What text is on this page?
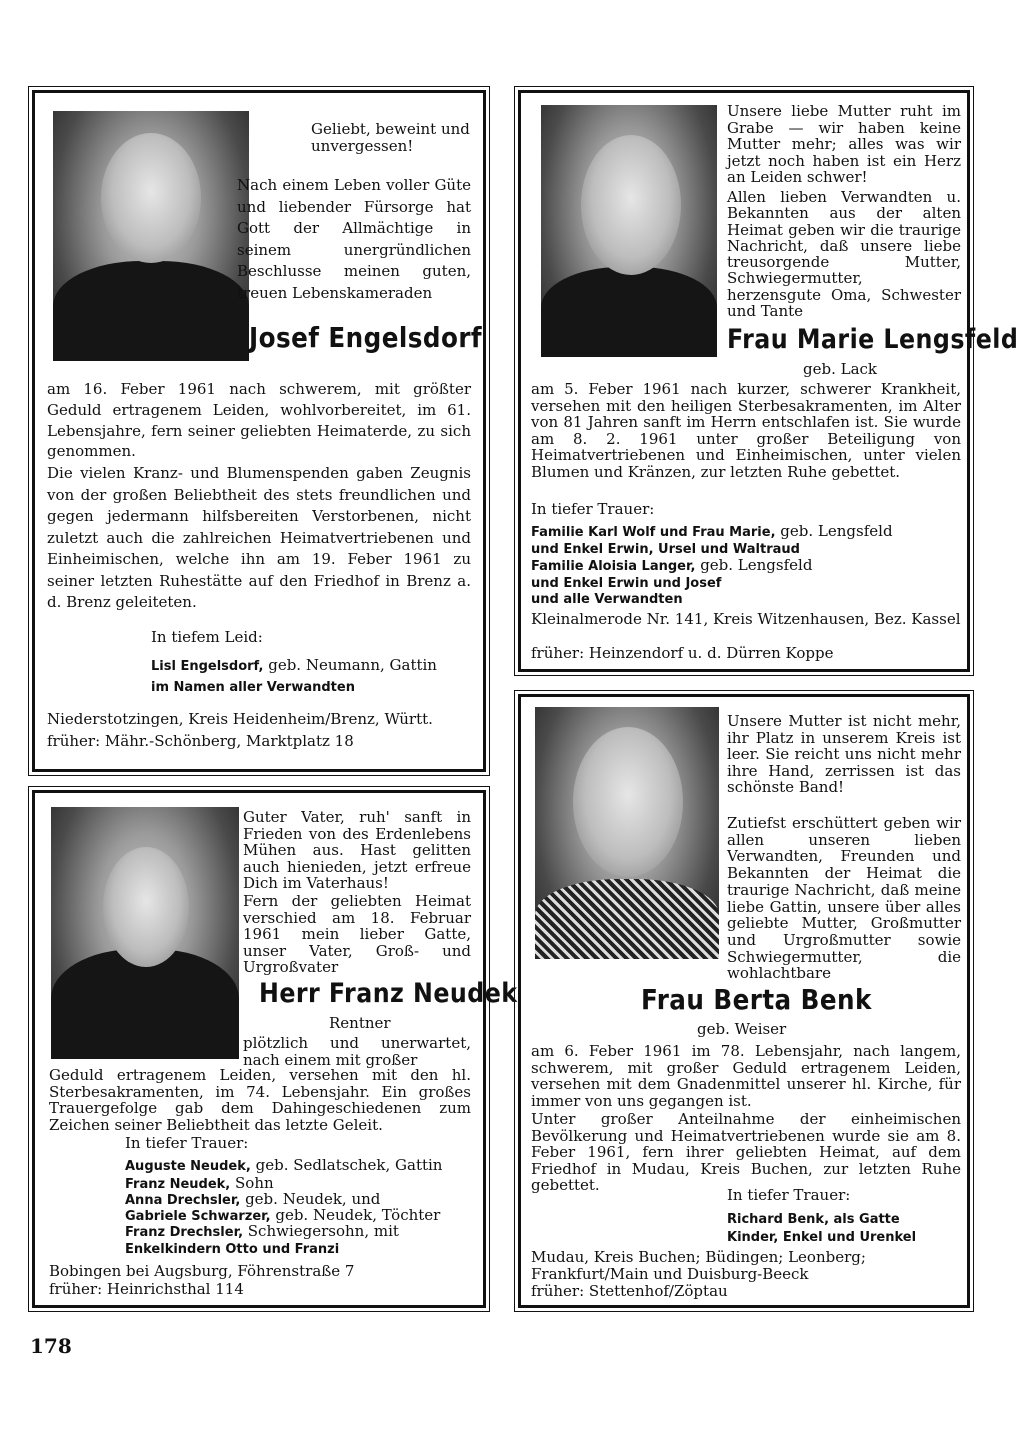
Geliebt, beweint und unvergessen!

Nach einem Leben voller Güte und liebender Fürsorge hat Gott der Allmächtige in seinem unergründlichen Beschlusse meinen guten, treuen Lebenskameraden

Josef Engelsdorf

am 16. Feber 1961 nach schwerem, mit größter Geduld ertragenem Leiden, wohlvorbereitet, im 61. Lebensjahre, fern seiner geliebten Heimaterde, zu sich genommen.

Die vielen Kranz- und Blumenspenden gaben Zeugnis von der großen Beliebtheit des stets freundlichen und gegen jedermann hilfsbereiten Verstorbenen, nicht zuletzt auch die zahlreichen Heimatvertriebenen und Einheimischen, welche ihn am 19. Feber 1961 zu seiner letzten Ruhestätte auf den Friedhof in Brenz a. d. Brenz geleiteten.

In tiefem Leid:

Lisl Engelsdorf, geb. Neumann, Gattin

im Namen aller Verwandten

Niederstotzingen, Kreis Heidenheim/Brenz, Württ.

früher: Mähr.-Schönberg, Marktplatz 18

Unsere liebe Mutter ruht im Grabe — wir haben keine Mutter mehr; alles was wir jetzt noch haben ist ein Herz an Leiden schwer!

Allen lieben Verwandten u. Bekannten aus der alten Heimat geben wir die traurige Nachricht, daß unsere liebe treusorgende Mutter, Schwiegermutter, herzensgute Oma, Schwester und Tante

Frau Marie Lengsfeld

geb. Lack

am 5. Feber 1961 nach kurzer, schwerer Krankheit, versehen mit den heiligen Sterbesakramenten, im Alter von 81 Jahren sanft im Herrn entschlafen ist. Sie wurde am 8. 2. 1961 unter großer Beteiligung von Heimatvertriebenen und Einheimischen, unter vielen Blumen und Kränzen, zur letzten Ruhe gebettet.

In tiefer Trauer:

Familie Karl Wolf und Frau Marie, geb. Lengsfeld

und Enkel Erwin, Ursel und Waltraud

Familie Aloisia Langer, geb. Lengsfeld

und Enkel Erwin und Josef

und alle Verwandten

Kleinalmerode Nr. 141, Kreis Witzenhausen, Bez. Kassel

früher: Heinzendorf u. d. Dürren Koppe

Guter Vater, ruh' sanft in Frieden von des Erdenlebens Mühen aus. Hast gelitten auch hienieden, jetzt erfreue Dich im Vaterhaus!

Fern der geliebten Heimat verschied am 18. Februar 1961 mein lieber Gatte, unser Vater, Groß- und Urgroßvater

Herr Franz Neudek

Rentner

plötzlich und unerwartet, nach einem mit großer

Geduld ertragenem Leiden, versehen mit den hl. Sterbesakramenten, im 74. Lebensjahr. Ein großes Trauergefolge gab dem Dahingeschiedenen zum Zeichen seiner Beliebtheit das letzte Geleit.

In tiefer Trauer:

Auguste Neudek, geb. Sedlatschek, Gattin

Franz Neudek, Sohn

Anna Drechsler, geb. Neudek, und

Gabriele Schwarzer, geb. Neudek, Töchter

Franz Drechsler, Schwiegersohn, mit

Enkelkindern Otto und Franzi

Bobingen bei Augsburg, Föhrenstraße 7

früher: Heinrichsthal 114

Unsere Mutter ist nicht mehr, ihr Platz in unserem Kreis ist leer. Sie reicht uns nicht mehr ihre Hand, zerrissen ist das schönste Band!

Zutiefst erschüttert geben wir allen unseren lieben Verwandten, Freunden und Bekannten der Heimat die traurige Nachricht, daß meine liebe Gattin, unsere über alles geliebte Mutter, Großmutter und Urgroßmutter sowie Schwiegermutter, die wohlachtbare

Frau Berta Benk

geb. Weiser

am 6. Feber 1961 im 78. Lebensjahr, nach langem, schwerem, mit großer Geduld ertragenem Leiden, versehen mit dem Gnadenmittel unserer hl. Kirche, für immer von uns gegangen ist.

Unter großer Anteilnahme der einheimischen Bevölkerung und Heimatvertriebenen wurde sie am 8. Feber 1961, fern ihrer geliebten Heimat, auf dem Friedhof in Mudau, Kreis Buchen, zur letzten Ruhe gebettet.

In tiefer Trauer:

Richard Benk, als Gatte

Kinder, Enkel und Urenkel

Mudau, Kreis Buchen; Büdingen; Leonberg; Frankfurt/Main und Duisburg-Beeck

früher: Stettenhof/Zöptau

178
